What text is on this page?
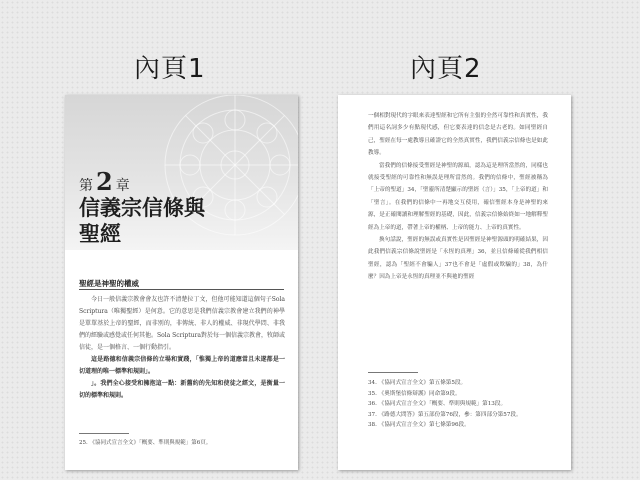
內頁1	內頁2
第 2 章
信義宗信條與
聖經
聖經是神聖的權威

今日一般信義宗教會會友也許不清楚拉丁文，但他可能知道這個句子Sola Scriptura（唯獨聖經）是何意。它的意思是我們信義宗教會建立我們的神學是單單基於上帝的聖經，而非別的，非傳統、非人的權威、非現代學問、非我們的經驗或感覺或任何其他。Sola Scriptura對於每一個信義宗教會，牧師或信徒，是一個格言、一個行動指引。

這是路德和信義宗信條的立場和實踐，「惟獨上帝的道應當且未遂都是一切道理的唯一標準和規則」。

」。我們全心接受和擁抱這一點：新舊約的先知和使徒之經文，是衡量一切的標準和規則。

25. 《協同式宣言全文》「概要、準則與規範」第6頁。

一個相對現代的字眼來表達聖經和它所有主張的全然可靠性和真實性，我們用這名詞多少有點現代感，但它要表達的信念是古老的。如同聖經自己，聖經在每一處教導且確證它的全然真實性，我們信義宗信條也是如此教導。

當我們的信條接受聖經是神聖的源頭，認為這是理所當然的，同樣也就接受聖經的可靠性和無誤是理所當然的。我們的信條中，聖經被稱為「上帝的聖道」34，「聖靈所清楚顯示的聖經（言）」35，「上帝的道」和「聖言」。在我們的信條中一再地交互使用，確信聖經本身是神聖的來源，是正確閱讀和理解聖經的基礎，因此，信義宗信條始終如一地解釋聖經為上帝的道，帶著上帝的權柄、上帝的能力、上帝的真實性。

換句話說，聖經的無誤或真實性是因聖經是神聖源頭的明確結果，因此我們信義宗信條說聖經是「永恆的真理」36，並且信條確從我們相信聖經，認為「聖經不會騙人」37也不會是「虛假或欺騙的」38，為什麼？因為上帝是永恆的真理並不與祂的聖經

34. 《協同式宣言全文》第五條第5段。
35. 《奧斯堡信條辯護》同命第9段。
36. 《協同式宣言全文》「概要、準則與規範」第13段。
37. 《路德大問答》第五部份第76段，參：第四部分第57段。
38. 《協同式宣言全文》第七條第96段。
